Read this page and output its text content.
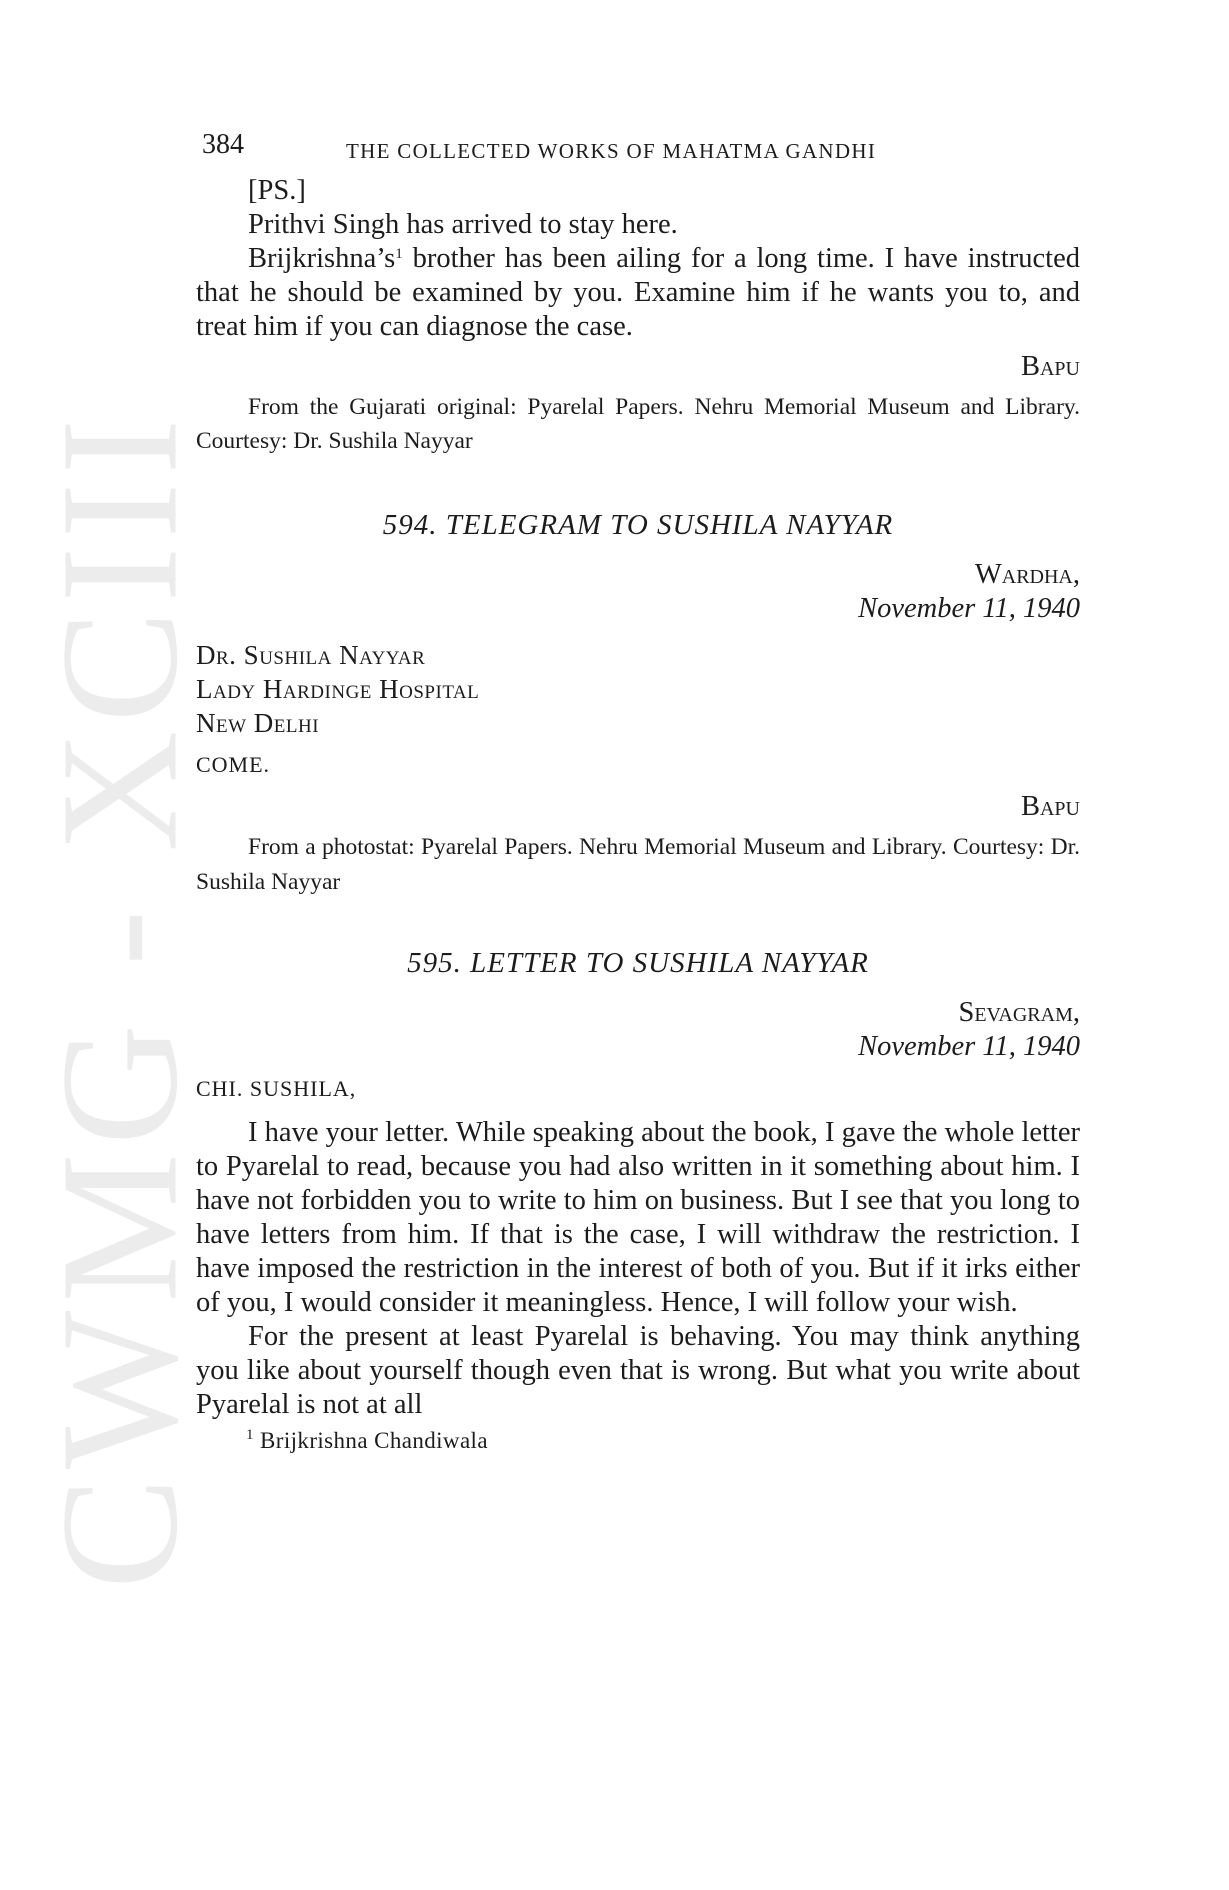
CWMG - XCIII
384	THE COLLECTED WORKS OF MAHATMA GANDHI

[PS.]

Prithvi Singh has arrived to stay here.

$Brijkrishna’s^1$ brother has been ailing for a long time. I have instructed that he should be examined by you. Examine him if he wants you to, and treat him if you can diagnose the case.

Bapu

From the Gujarati original: Pyarelal Papers. Nehru Memorial Museum and Library. Courtesy: Dr. Sushila Nayyar

594. TELEGRAM TO SUSHILA NAYYAR

Wardha,

November 11, 1940

Dr. Sushila Nayyar

Lady Hardinge Hospital

New Delhi

COME.

Bapu

From a photostat: Pyarelal Papers. Nehru Memorial Museum and Library. Courtesy: Dr. Sushila Nayyar

595. LETTER TO SUSHILA NAYYAR

Sevagram,

November 11, 1940

CHI. SUSHILA,

I have your letter. While speaking about the book, I gave the whole letter to Pyarelal to read, because you had also written in it something about him. I have not forbidden you to write to him on business. But I see that you long to have letters from him. If that is the case, I will withdraw the restriction. I have imposed the restriction in the interest of both of you. But if it irks either of you, I would consider it meaningless. Hence, I will follow your wish.

For the present at least Pyarelal is behaving. You may think anything you like about yourself though even that is wrong. But what you write about Pyarelal is not at all

$^1$ Brijkrishna Chandiwala
